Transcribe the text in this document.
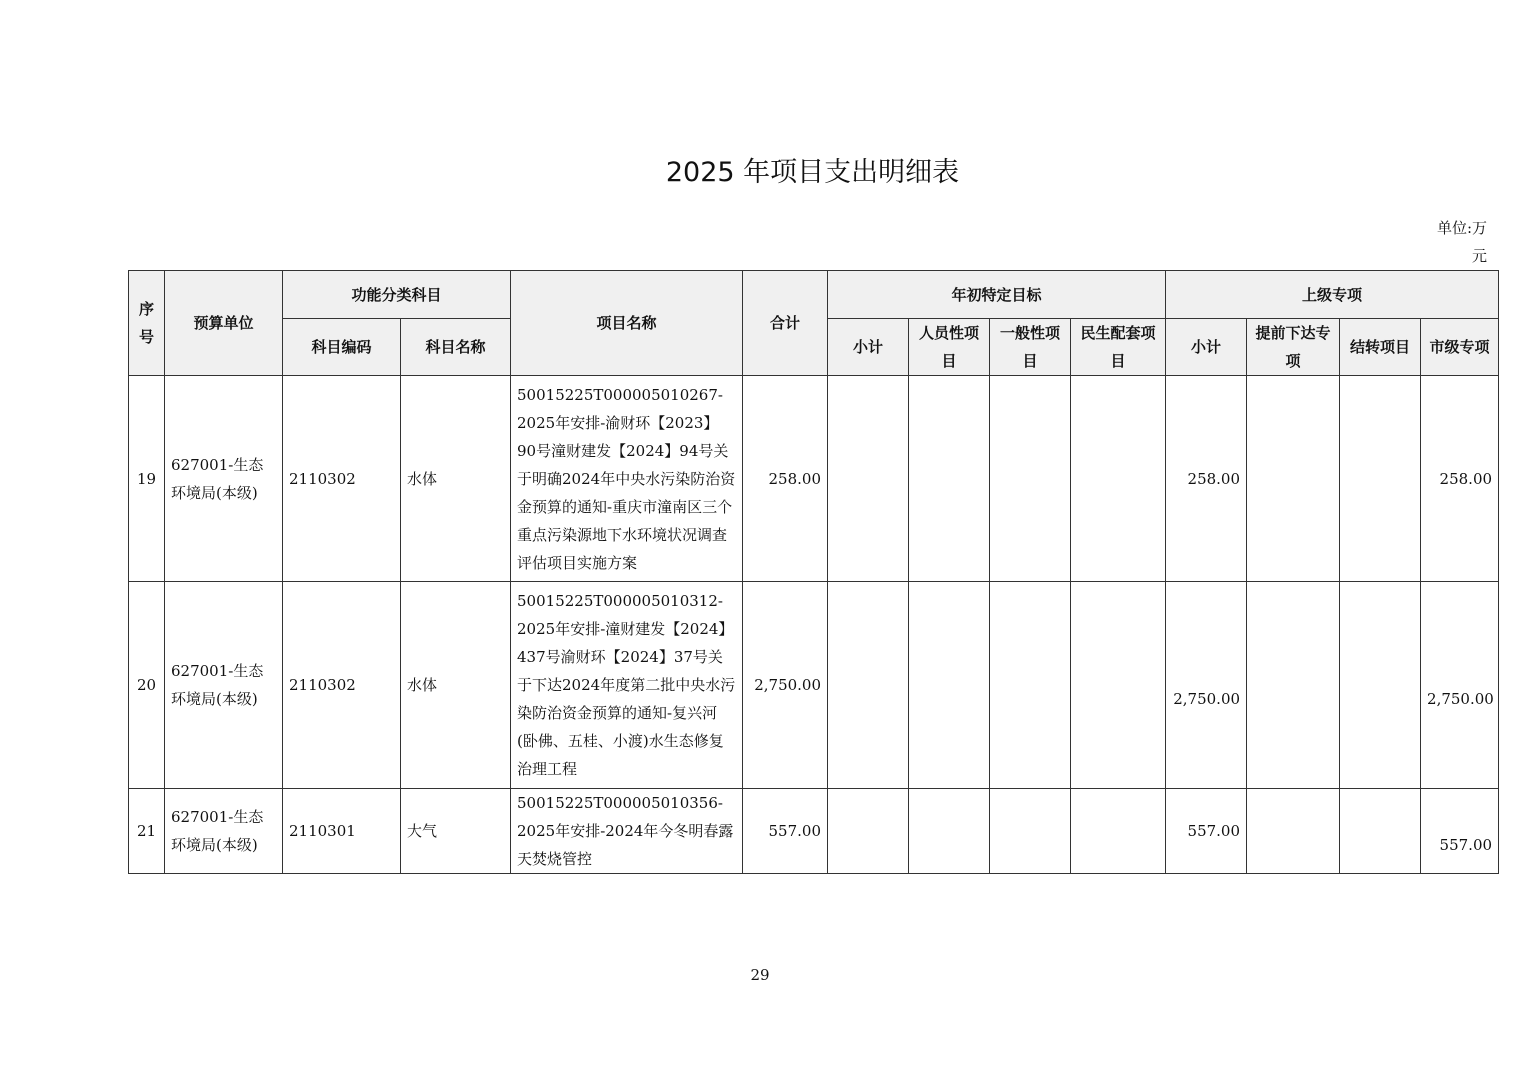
2025 年项目支出明细表
单位:万元
序号	预算单位	功能分类科目		项目名称	合计	年初特定目标				上级专项			
		科目编码	科目名称			小计	人员性项目	一般性项目	民生配套项目	小计	提前下达专项	结转项目	市级专项
19	627001-生态环境局(本级)	2110302	水体	50015225T000005010267-2025年安排-渝财环【2023】90号潼财建发【2024】94号关于明确2024年中央水污染防治资金预算的通知-重庆市潼南区三个重点污染源地下水环境状况调查评估项目实施方案	258.00					258.00			258.00
20	627001-生态环境局(本级)	2110302	水体	50015225T000005010312-2025年安排-潼财建发【2024】437号渝财环【2024】37号关于下达2024年度第二批中央水污染防治资金预算的通知-复兴河(卧佛、五桂、小渡)水生态修复治理工程	2,750.00					2,750.00			2,750.00
21	627001-生态环境局(本级)	2110301	大气	50015225T000005010356-2025年安排-2024年今冬明春露天焚烧管控	557.00					557.00			557.00
29
